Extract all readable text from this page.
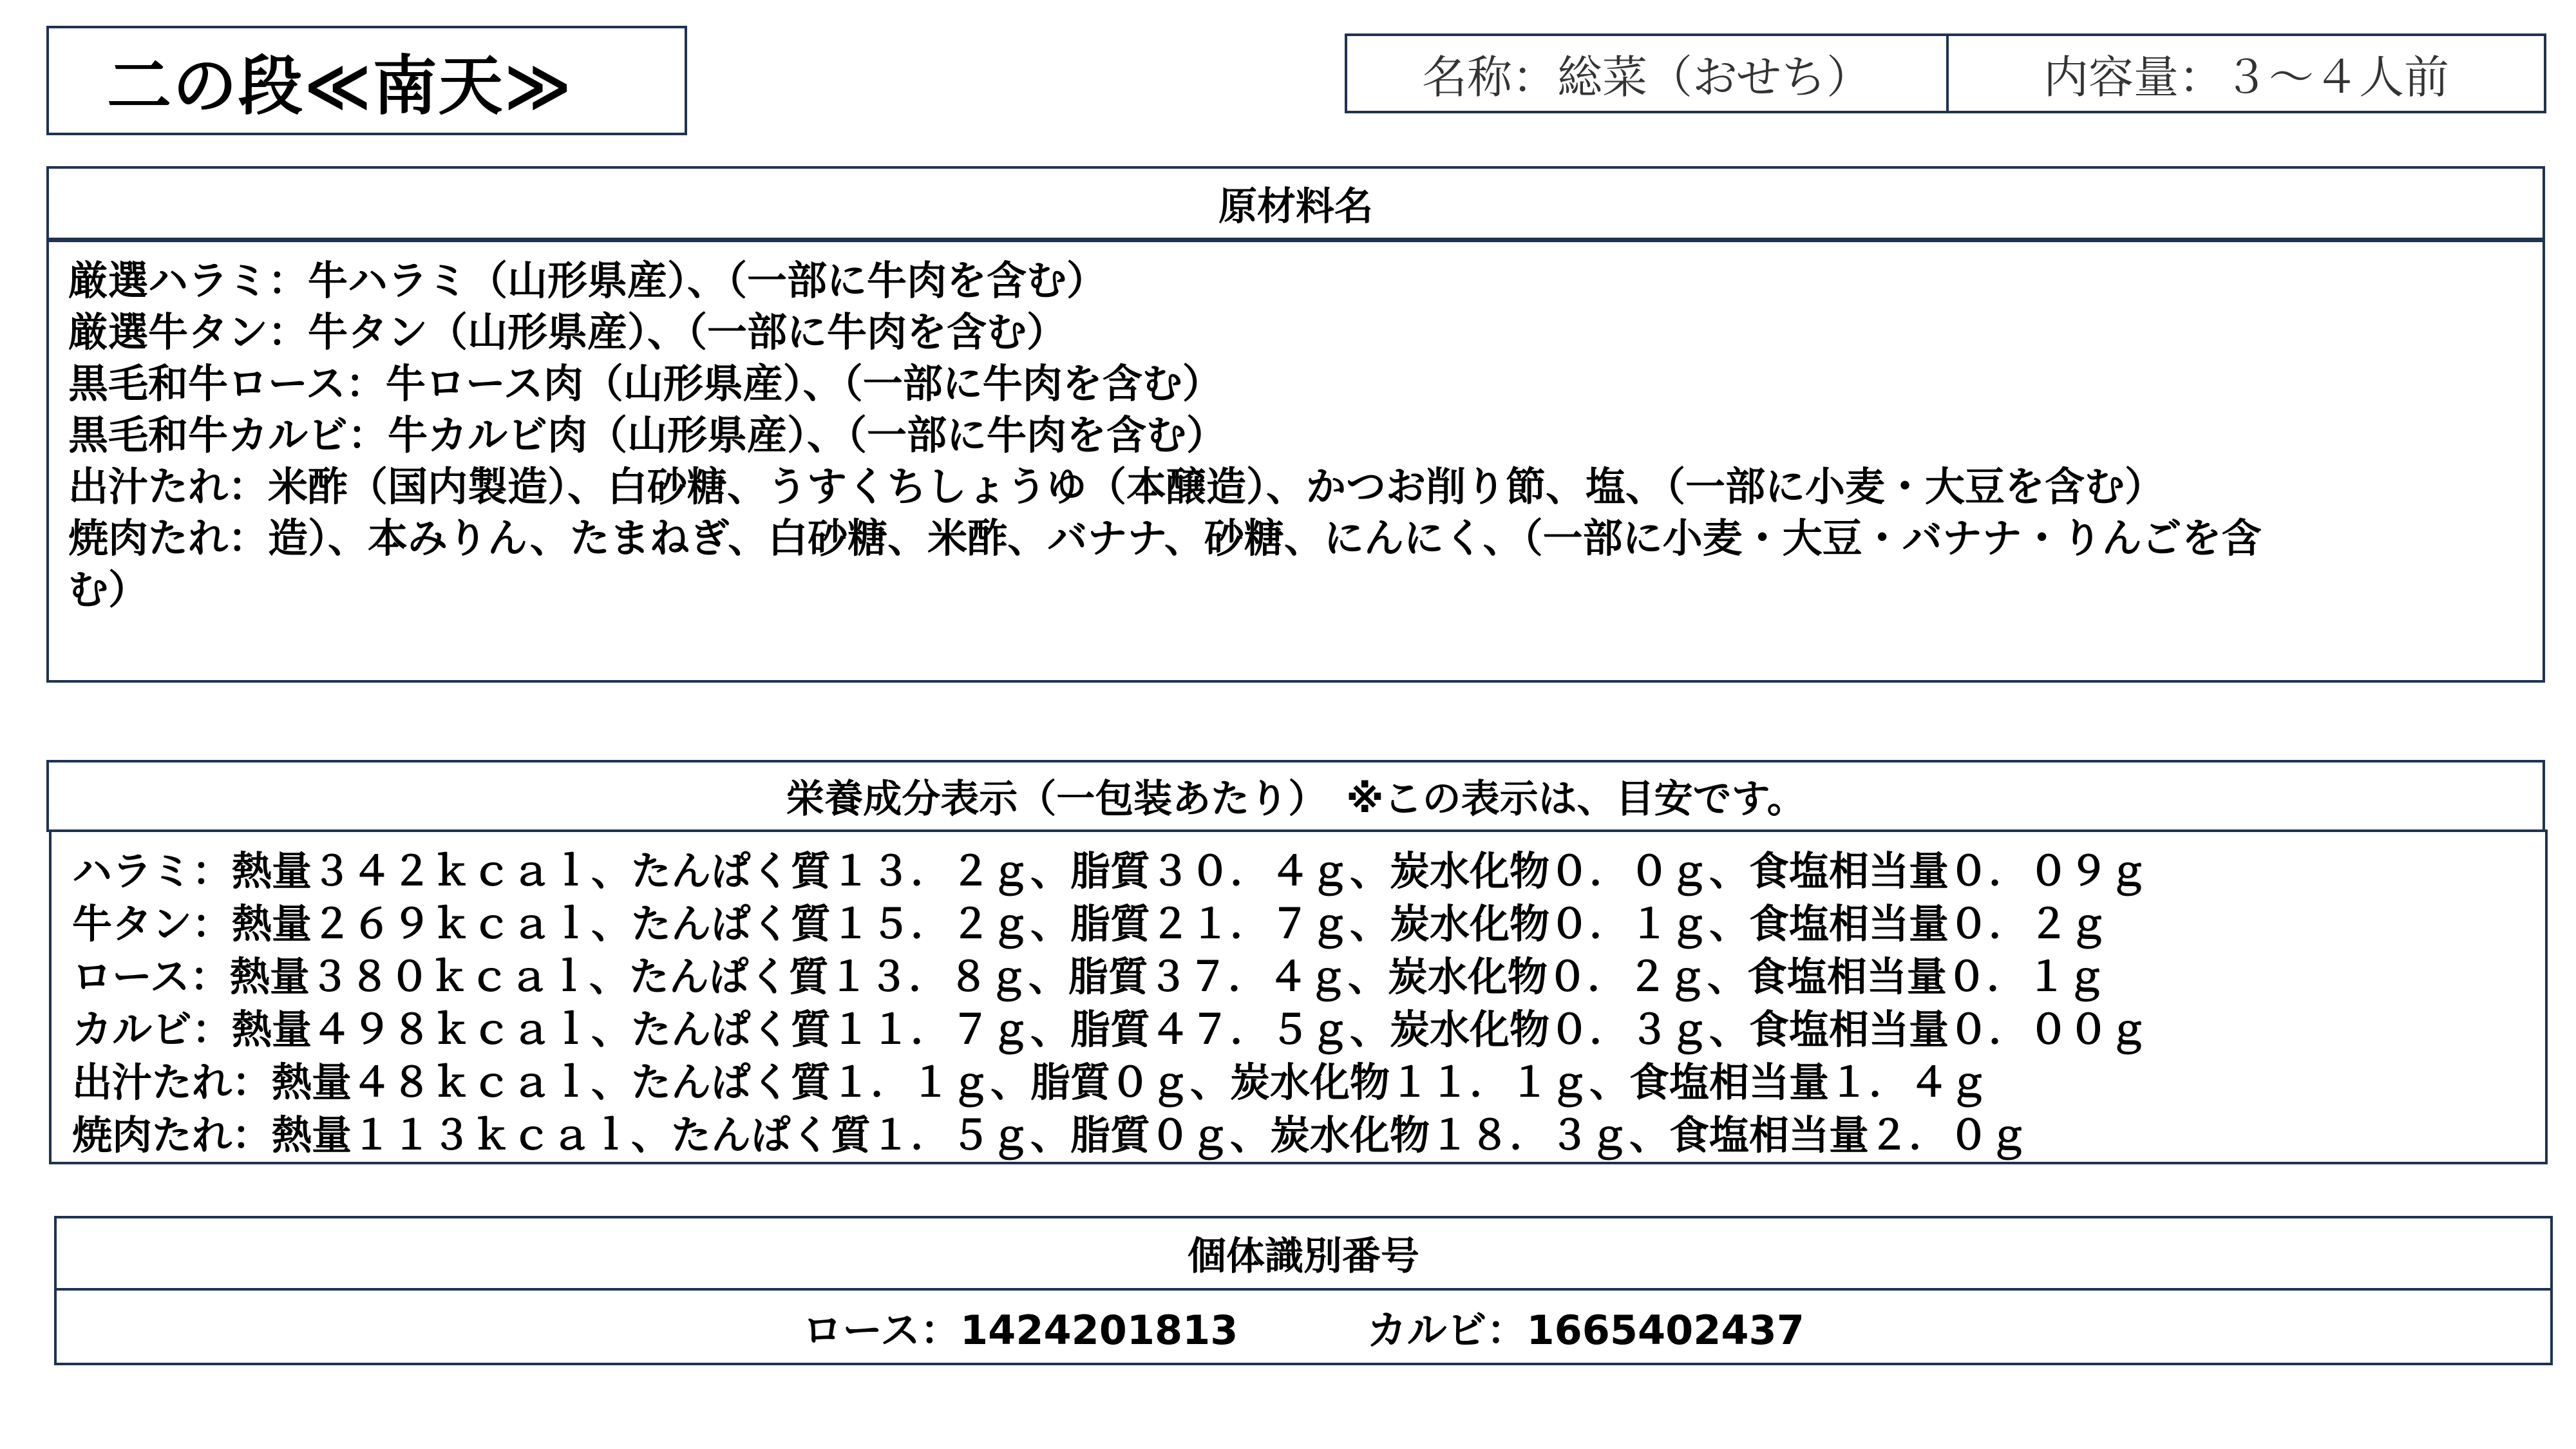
二の段≪南天≫	名称：総菜（おせち）	内容量：３～４人前
原材料名
厳選ハラミ：牛ハラミ（山形県産）、（一部に牛肉を含む）
厳選牛タン：牛タン（山形県産）、（一部に牛肉を含む）
黒毛和牛ロース：牛ロース肉（山形県産）、（一部に牛肉を含む）
黒毛和牛カルビ：牛カルビ肉（山形県産）、（一部に牛肉を含む）
出汁たれ：米酢（国内製造）、白砂糖、うすくちしょうゆ（本醸造）、かつお削り節、塩、（一部に小麦・大豆を含む）
焼肉たれ：造）、本みりん、たまねぎ、白砂糖、米酢、バナナ、砂糖、にんにく、（一部に小麦・大豆・バナナ・りんごを含
む）
栄養成分表示（一包装あたり）　※この表示は、目安です。
ハラミ：熱量３４２ｋｃａｌ、たんぱく質１３．２ｇ、脂質３０．４ｇ、炭水化物０．０ｇ、食塩相当量０．０９ｇ
牛タン：熱量２６９ｋｃａｌ、たんぱく質１５．２ｇ、脂質２１．７ｇ、炭水化物０．１ｇ、食塩相当量０．２ｇ
ロース：熱量３８０ｋｃａｌ、たんぱく質１３．８ｇ、脂質３７．４ｇ、炭水化物０．２ｇ、食塩相当量０．１ｇ
カルビ：熱量４９８ｋｃａｌ、たんぱく質１１．７ｇ、脂質４７．５ｇ、炭水化物０．３ｇ、食塩相当量０．００ｇ
出汁たれ：熱量４８ｋｃａｌ、たんぱく質１．１ｇ、脂質０ｇ、炭水化物１１．１ｇ、食塩相当量１．４ｇ
焼肉たれ：熱量１１３ｋｃａｌ、たんぱく質１．５ｇ、脂質０ｇ、炭水化物１８．３ｇ、食塩相当量２．０ｇ
個体識別番号
ロース：1424201813	カルビ：1665402437
